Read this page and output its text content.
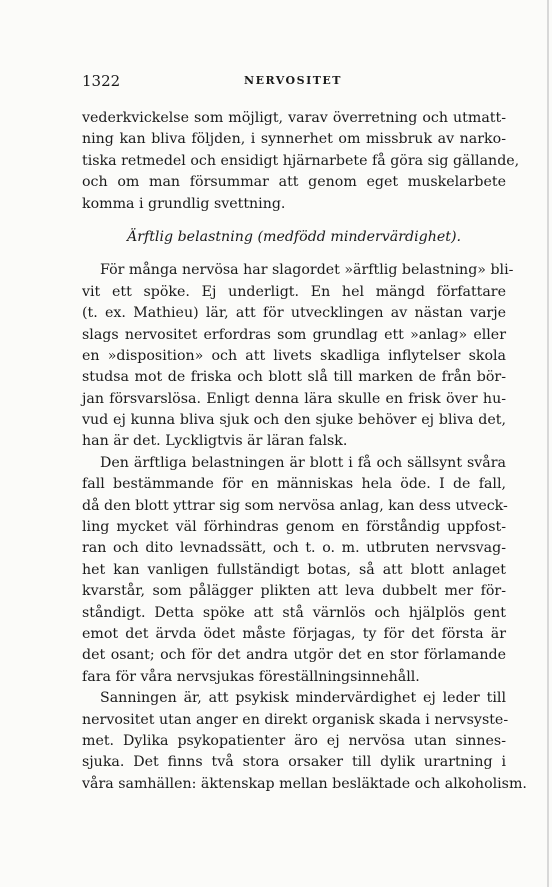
1322	NERVOSITET
vederkvickelse som möjligt, varav överretning och utmatt-
ning kan bliva följden, i synnerhet om missbruk av narko-
tiska retmedel och ensidigt hjärnarbete få göra sig gällande,
och om man försummar att genom eget muskelarbete
komma i grundlig svettning.
Ärftlig belastning (medfödd mindervärdighet).
För många nervösa har slagordet »ärftlig belastning» bli-
vit ett spöke. Ej underligt. En hel mängd författare
(t. ex. Mathieu) lär, att för utvecklingen av nästan varje
slags nervositet erfordras som grundlag ett »anlag» eller
en »disposition» och att livets skadliga inflytelser skola
studsa mot de friska och blott slå till marken de från bör-
jan försvarslösa. Enligt denna lära skulle en frisk över hu-
vud ej kunna bliva sjuk och den sjuke behöver ej bliva det,
han är det. Lyckligtvis är läran falsk.
Den ärftliga belastningen är blott i få och sällsynt svåra
fall bestämmande för en människas hela öde. I de fall,
då den blott yttrar sig som nervösa anlag, kan dess utveck-
ling mycket väl förhindras genom en förståndig uppfost-
ran och dito levnadssätt, och t. o. m. utbruten nervsvag-
het kan vanligen fullständigt botas, så att blott anlaget
kvarstår, som pålägger plikten att leva dubbelt mer för-
ståndigt. Detta spöke att stå värnlös och hjälplös gent
emot det ärvda ödet måste förjagas, ty för det första är
det osant; och för det andra utgör det en stor förlamande
fara för våra nervsjukas föreställningsinnehåll.
Sanningen är, att psykisk mindervärdighet ej leder till
nervositet utan anger en direkt organisk skada i nervsyste-
met. Dylika psykopatienter äro ej nervösa utan sinnes-
sjuka. Det finns två stora orsaker till dylik urartning i
våra samhällen: äktenskap mellan besläktade och alkoholism.
